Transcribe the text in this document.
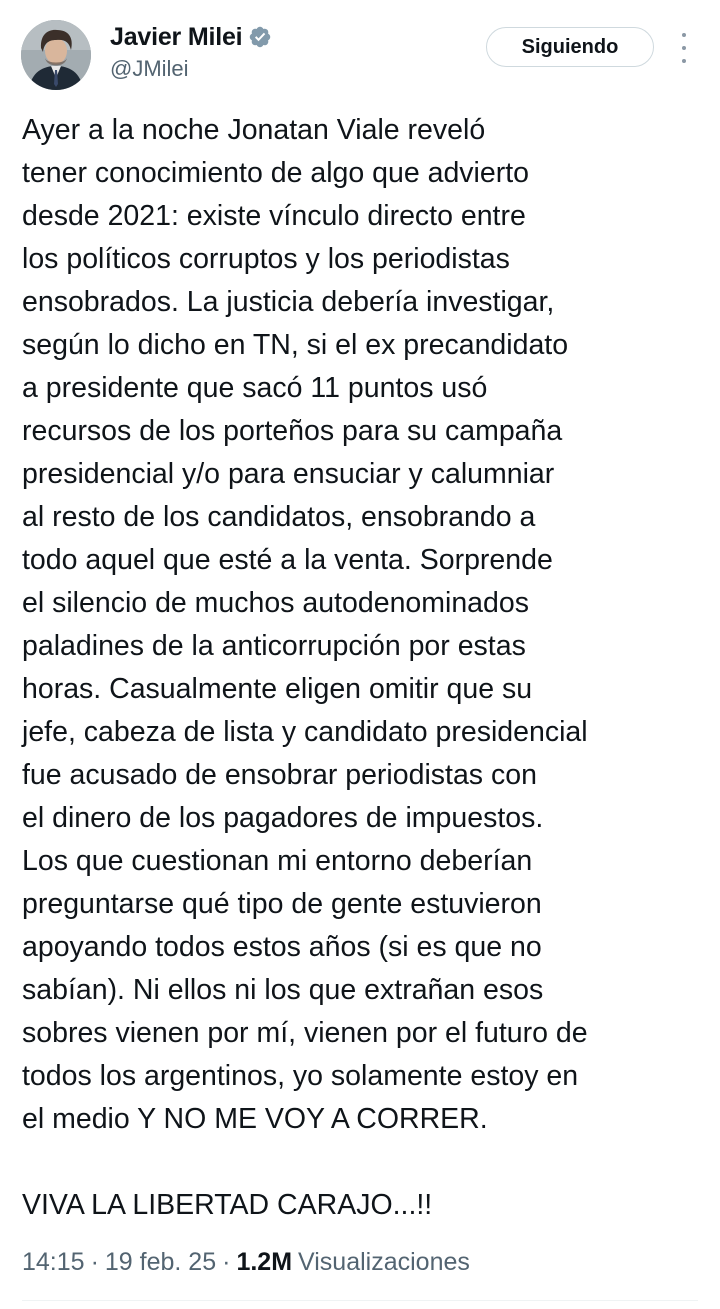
Javier Milei
@JMilei
Siguiendo
Ayer a la noche Jonatan Viale reveló
tener conocimiento de algo que advierto
desde 2021: existe vínculo directo entre
los políticos corruptos y los periodistas
ensobrados. La justicia debería investigar,
según lo dicho en TN, si el ex precandidato
a presidente que sacó 11 puntos usó
recursos de los porteños para su campaña
presidencial y/o para ensuciar y calumniar
al resto de los candidatos, ensobrando a
todo aquel que esté a la venta. Sorprende
el silencio de muchos autodenominados
paladines de la anticorrupción por estas
horas. Casualmente eligen omitir que su
jefe, cabeza de lista y candidato presidencial
fue acusado de ensobrar periodistas con
el dinero de los pagadores de impuestos.
Los que cuestionan mi entorno deberían
preguntarse qué tipo de gente estuvieron
apoyando todos estos años (si es que no
sabían). Ni ellos ni los que extrañan esos
sobres vienen por mí, vienen por el futuro de
todos los argentinos, yo solamente estoy en
el medio Y NO ME VOY A CORRER.
VIVA LA LIBERTAD CARAJO...!!
14:15 · 19 feb. 25 · 1.2M Visualizaciones
